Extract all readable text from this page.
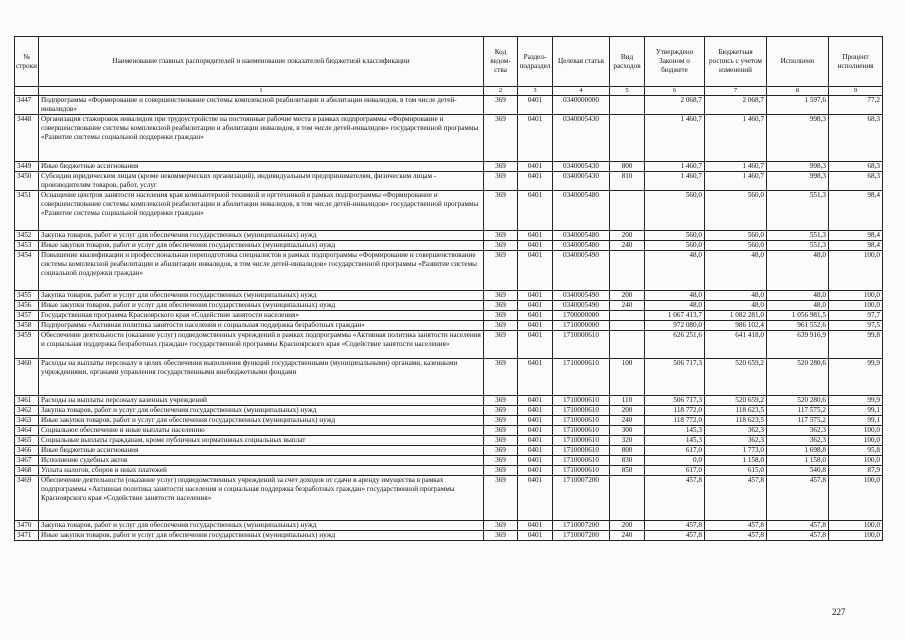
№ строки	Наименование главных распорядителей и наименование показателей бюджетной классификации	Код ведом-ства	Раздел-подраздел	Целевая статья	Вид расходов	Утверждено Законом о бюджете	Бюджетная роспись с учетом изменений	Исполнено	Процент исполнения
	1	2	3	4	5	6	7	8	9
3447	Подпрограмма «Формирование и совершенствование системы комплексной реабилитации и абилитации инвалидов, в том числе детей-инвалидов»	369	0401	0340000000		2 068,7	2 068,7	1 597,6	77,2
3448	Организация стажировок инвалидов при трудоустройстве на постоянные рабочие места в рамках подпрограммы «Формирование и совершенствование системы комплексной реабилитации и абилитации инвалидов, в том числе детей-инвалидов» государственной программы «Развитие системы социальной поддержки граждан»	369	0401	0340005430		1 460,7	1 460,7	998,3	68,3
3449	Иные бюджетные ассигнования	369	0401	0340005430	800	1 460,7	1 460,7	998,3	68,3
3450	Субсидии юридическим лицам (кроме некоммерческих организаций), индивидуальным предпринимателям, физическим лицам - производителям товаров, работ, услуг	369	0401	0340005430	810	1 460,7	1 460,7	998,3	68,3
3451	Оснащение центров занятости населения края компьютерной техникой и оргтехникой в рамках подпрограммы «Формирование и совершенствование системы комплексной реабилитации и абилитации инвалидов, в том числе детей-инвалидов» государственной программы «Развитие системы социальной поддержки граждан»	369	0401	0340005480		560,0	560,0	551,3	98,4
3452	Закупка товаров, работ и услуг для обеспечения государственных (муниципальных) нужд	369	0401	0340005480	200	560,0	560,0	551,3	98,4
3453	Иные закупки товаров, работ и услуг для обеспечения государственных (муниципальных) нужд	369	0401	0340005480	240	560,0	560,0	551,3	98,4
3454	Повышение квалификации и профессиональная переподготовка специалистов в рамках подпрограммы «Формирование и совершенствование системы комплексной реабилитации и абилитации инвалидов, в том числе детей-инвалидов» государственной программы «Развитие системы социальной поддержки граждан»	369	0401	0340005490		48,0	48,0	48,0	100,0
3455	Закупка товаров, работ и услуг для обеспечения государственных (муниципальных) нужд	369	0401	0340005490	200	48,0	48,0	48,0	100,0
3456	Иные закупки товаров, работ и услуг для обеспечения государственных (муниципальных) нужд	369	0401	0340005490	240	48,0	48,0	48,0	100,0
3457	Государственная программа Красноярского края «Содействие занятости населения»	369	0401	1700000000		1 067 413,7	1 082 281,0	1 056 981,5	97,7
3458	Подпрограмма «Активная политика занятости населения и социальная поддержка безработных граждан»	369	0401	1710000000		972 080,0	986 102,4	961 552,6	97,5
3459	Обеспечение деятельности (оказание услуг) подведомственных учреждений в рамках подпрограммы «Активная политика занятости населения и социальная поддержка безработных граждан» государственной программы Красноярского края «Содействие занятости населения»	369	0401	1710000610		626 251,6	641 418,0	639 916,9	99,8
3460	Расходы на выплаты персоналу в целях обеспечения выполнения функций государственными (муниципальными) органами, казенными учреждениями, органами управления государственными внебюджетными фондами	369	0401	1710000610	100	506 717,3	520 659,2	520 280,6	99,9
3461	Расходы на выплаты персоналу казенных учреждений	369	0401	1710000610	110	506 717,3	520 659,2	520 280,6	99,9
3462	Закупка товаров, работ и услуг для обеспечения государственных (муниципальных) нужд	369	0401	1710000610	200	118 772,0	118 623,5	117 575,2	99,1
3463	Иные закупки товаров, работ и услуг для обеспечения государственных (муниципальных) нужд	369	0401	1710000610	240	118 772,0	118 623,5	117 575,2	99,1
3464	Социальное обеспечение и иные выплаты населению	369	0401	1710000610	300	145,3	362,3	362,3	100,0
3465	Социальные выплаты гражданам, кроме публичных нормативных социальных выплат	369	0401	1710000610	320	145,3	362,3	362,3	100,0
3466	Иные бюджетные ассигнования	369	0401	1710000610	800	617,0	1 773,0	1 698,8	95,8
3467	Исполнение судебных актов	369	0401	1710000610	830	0,0	1 158,0	1 158,0	100,0
3468	Уплата налогов, сборов и иных платежей	369	0401	1710000610	850	617,0	615,0	540,8	87,9
3469	Обеспечение деятельности (оказание услуг) подведомственных учреждений за счет доходов от сдачи в аренду имущества в рамках подпрограммы «Активная политика занятости населения и социальная поддержка безработных граждан» государственной программы Красноярского края «Содействие занятости населения»	369	0401	1710007200		457,8	457,8	457,8	100,0
3470	Закупка товаров, работ и услуг для обеспечения государственных (муниципальных) нужд	369	0401	1710007200	200	457,8	457,8	457,8	100,0
3471	Иные закупки товаров, работ и услуг для обеспечения государственных (муниципальных) нужд	369	0401	1710007200	240	457,8	457,8	457,8	100,0
227
